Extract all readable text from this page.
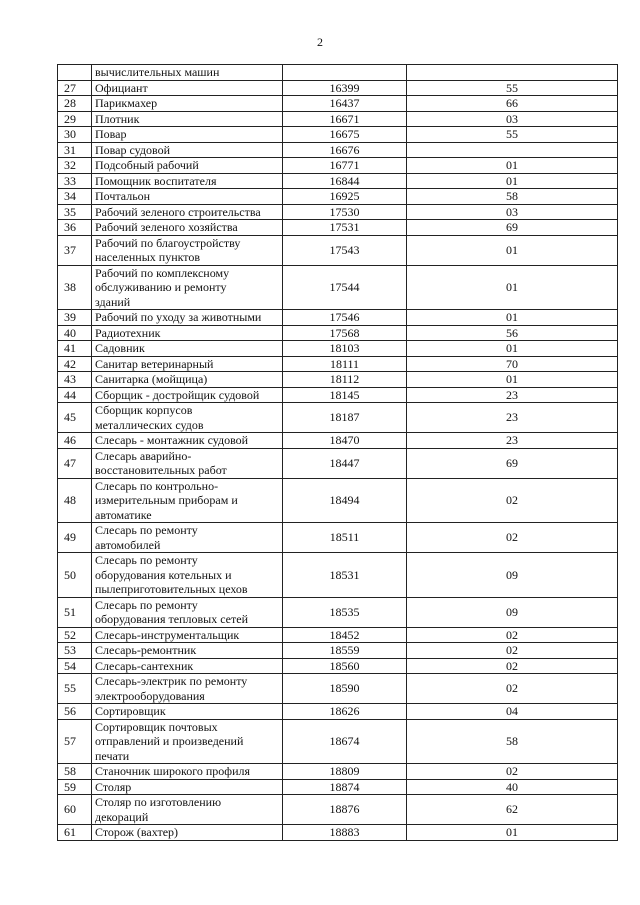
2

	вычислительных машин		

27	Официант	16399	55
28	Парикмахер	16437	66
29	Плотник	16671	03
30	Повар	16675	55
31	Повар судовой	16676	
32	Подсобный рабочий	16771	01
33	Помощник воспитателя	16844	01
34	Почтальон	16925	58
35	Рабочий зеленого строительства	17530	03
36	Рабочий зеленого хозяйства	17531	69
37	Рабочий по благоустройству
населенных пунктов	17543	01
38	Рабочий по комплексному
обслуживанию и ремонту
зданий	17544	01
39	Рабочий по уходу за животными	17546	01
40	Радиотехник	17568	56
41	Садовник	18103	01
42	Санитар ветеринарный	18111	70
43	Санитарка (мойщица)	18112	01
44	Сборщик - достройщик судовой	18145	23
45	Сборщик корпусов
металлических судов	18187	23
46	Слесарь - монтажник судовой	18470	23
47	Слесарь аварийно-
восстановительных работ	18447	69
48	Слесарь по контрольно-
измерительным приборам и
автоматике	18494	02
49	Слесарь по ремонту
автомобилей	18511	02
50	Слесарь по ремонту
оборудования котельных и
пылеприготовительных цехов	18531	09
51	Слесарь по ремонту
оборудования тепловых сетей	18535	09
52	Слесарь-инструментальщик	18452	02
53	Слесарь-ремонтник	18559	02
54	Слесарь-сантехник	18560	02
55	Слесарь-электрик по ремонту
электрооборудования	18590	02
56	Сортировщик	18626	04
57	Сортировщик почтовых
отправлений и произведений
печати	18674	58
58	Станочник широкого профиля	18809	02
59	Столяр	18874	40
60	Столяр по изготовлению
декораций	18876	62
61	Сторож (вахтер)	18883	01
